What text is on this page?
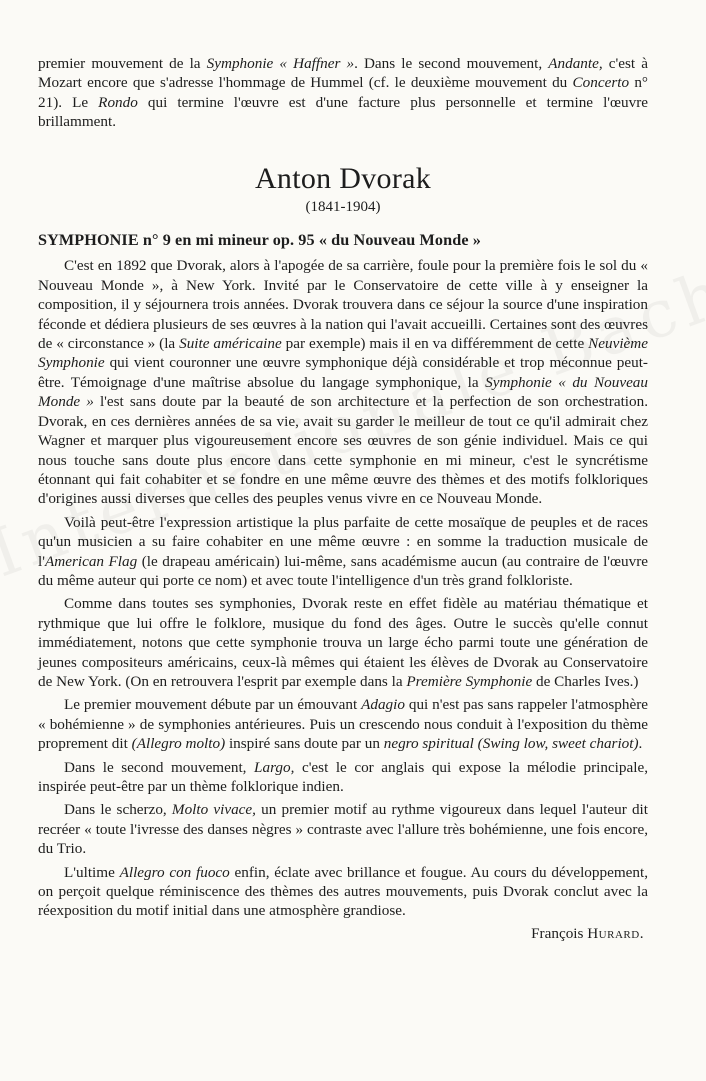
premier mouvement de la Symphonie « Haffner ». Dans le second mouvement, Andante, c'est à Mozart encore que s'adresse l'hommage de Hummel (cf. le deuxième mouvement du Concerto n° 21). Le Rondo qui termine l'œuvre est d'une facture plus personnelle et termine l'œuvre brillamment.

Anton Dvorak

(1841-1904)

SYMPHONIE n° 9 en mi mineur op. 95 « du Nouveau Monde »

C'est en 1892 que Dvorak, alors à l'apogée de sa carrière, foule pour la première fois le sol du « Nouveau Monde », à New York. Invité par le Conservatoire de cette ville à y enseigner la composition, il y séjournera trois années. Dvorak trouvera dans ce séjour la source d'une inspiration féconde et dédiera plusieurs de ses œuvres à la nation qui l'avait accueilli. Certaines sont des œuvres de « circonstance » (la Suite américaine par exemple) mais il en va différemment de cette Neuvième Symphonie qui vient couronner une œuvre symphonique déjà considérable et trop méconnue peut-être. Témoignage d'une maîtrise absolue du langage symphonique, la Symphonie « du Nouveau Monde » l'est sans doute par la beauté de son architecture et la perfection de son orchestration. Dvorak, en ces dernières années de sa vie, avait su garder le meilleur de tout ce qu'il admirait chez Wagner et marquer plus vigoureusement encore ses œuvres de son génie individuel. Mais ce qui nous touche sans doute plus encore dans cette symphonie en mi mineur, c'est le syncrétisme étonnant qui fait cohabiter et se fondre en une même œuvre des thèmes et des motifs folkloriques d'origines aussi diverses que celles des peuples venus vivre en ce Nouveau Monde.

Voilà peut-être l'expression artistique la plus parfaite de cette mosaïque de peuples et de races qu'un musicien a su faire cohabiter en une même œuvre : en somme la traduction musicale de l'American Flag (le drapeau américain) lui-même, sans académisme aucun (au contraire de l'œuvre du même auteur qui porte ce nom) et avec toute l'intelligence d'un très grand folkloriste.

Comme dans toutes ses symphonies, Dvorak reste en effet fidèle au matériau thématique et rythmique que lui offre le folklore, musique du fond des âges. Outre le succès qu'elle connut immédiatement, notons que cette symphonie trouva un large écho parmi toute une génération de jeunes compositeurs américains, ceux-là mêmes qui étaient les élèves de Dvorak au Conservatoire de New York. (On en retrouvera l'esprit par exemple dans la Première Symphonie de Charles Ives.)

Le premier mouvement débute par un émouvant Adagio qui n'est pas sans rappeler l'atmosphère « bohémienne » de symphonies antérieures. Puis un crescendo nous conduit à l'exposition du thème proprement dit (Allegro molto) inspiré sans doute par un negro spiritual (Swing low, sweet chariot).

Dans le second mouvement, Largo, c'est le cor anglais qui expose la mélodie principale, inspirée peut-être par un thème folklorique indien.

Dans le scherzo, Molto vivace, un premier motif au rythme vigoureux dans lequel l'auteur dit recréer « toute l'ivresse des danses nègres » contraste avec l'allure très bohémienne, une fois encore, du Trio.

L'ultime Allegro con fuoco enfin, éclate avec brillance et fougue. Au cours du développement, on perçoit quelque réminiscence des thèmes des autres mouvements, puis Dvorak conclut avec la réexposition du motif initial dans une atmosphère grandiose.

François Hurard.
